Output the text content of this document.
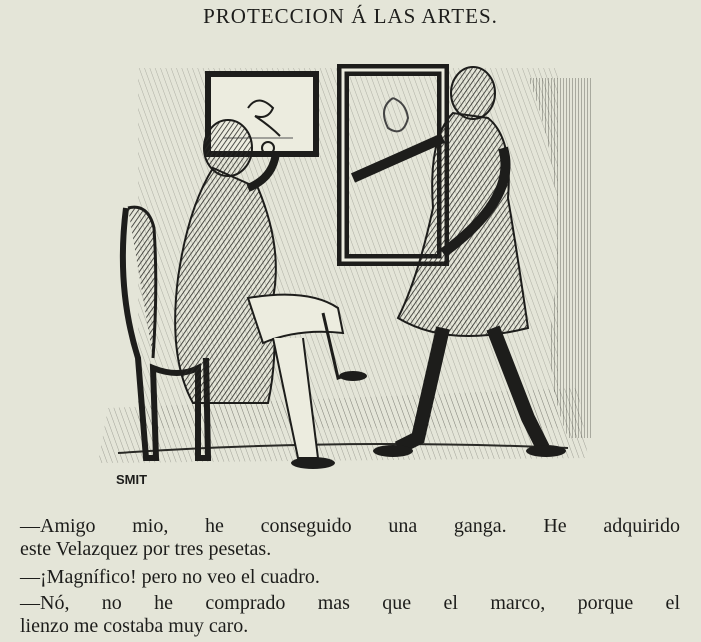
PROTECCION Á LAS ARTES.
SMIT
—Amigo mio, he conseguido una ganga. He adquirido
este Velazquez por tres pesetas.
—¡Magnífico! pero no veo el cuadro.
—Nó, no he comprado mas que el marco, porque el
lienzo me costaba muy caro.
